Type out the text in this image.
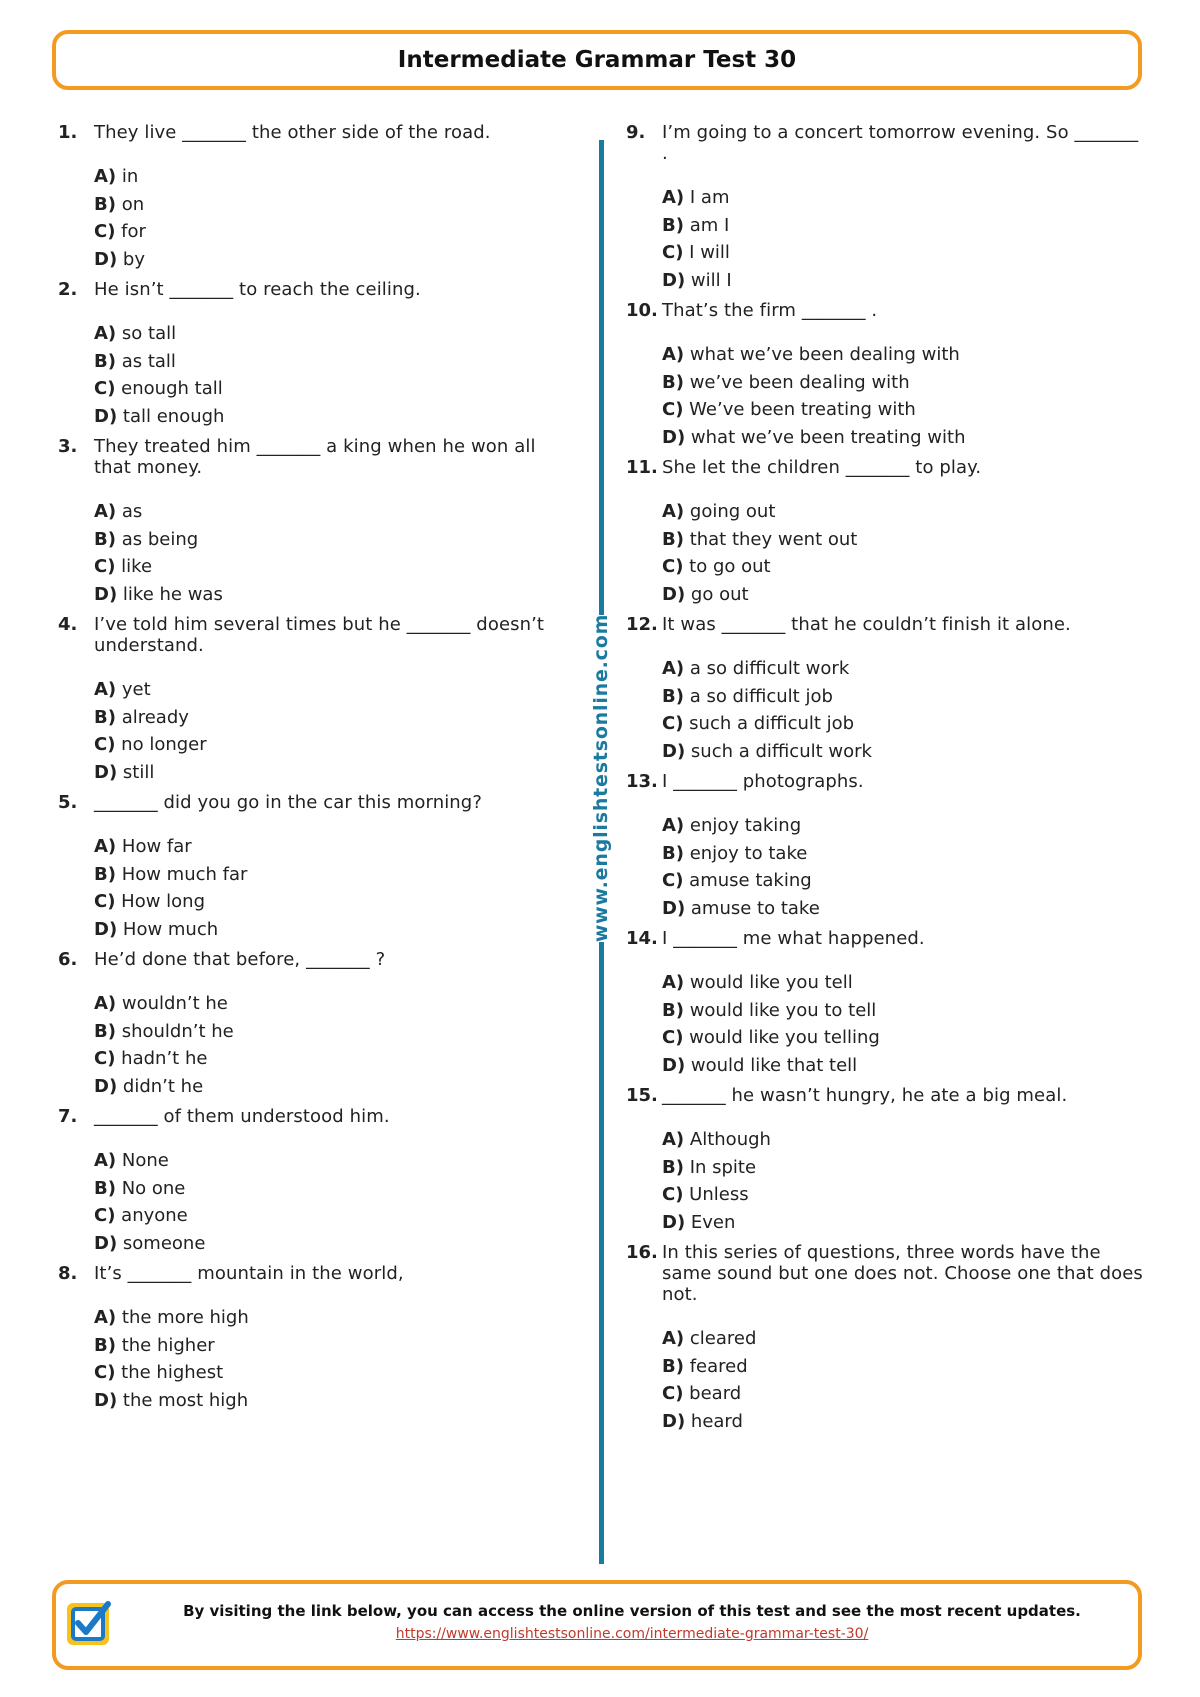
Intermediate Grammar Test 30
1. They live _______ the other side of the road.
A) in
B) on
C) for
D) by
2. He isn’t _______ to reach the ceiling.
A) so tall
B) as tall
C) enough tall
D) tall enough
3. They treated him _______ a king when he won all that money.
A) as
B) as being
C) like
D) like he was
4. I’ve told him several times but he _______ doesn’t understand.
A) yet
B) already
C) no longer
D) still
5. _______ did you go in the car this morning?
A) How far
B) How much far
C) How long
D) How much
6. He’d done that before, _______ ?
A) wouldn’t he
B) shouldn’t he
C) hadn’t he
D) didn’t he
7. _______ of them understood him.
A) None
B) No one
C) anyone
D) someone
8. It’s _______ mountain in the world,
A) the more high
B) the higher
C) the highest
D) the most high
9. I’m going to a concert tomorrow evening. So _______ .
A) I am
B) am I
C) I will
D) will I
10. That’s the firm _______ .
A) what we’ve been dealing with
B) we’ve been dealing with
C) We’ve been treating with
D) what we’ve been treating with
11. She let the children _______ to play.
A) going out
B) that they went out
C) to go out
D) go out
12. It was _______ that he couldn’t finish it alone.
A) a so difficult work
B) a so difficult job
C) such a difficult job
D) such a difficult work
13. I _______ photographs.
A) enjoy taking
B) enjoy to take
C) amuse taking
D) amuse to take
14. I _______ me what happened.
A) would like you tell
B) would like you to tell
C) would like you telling
D) would like that tell
15. _______ he wasn’t hungry, he ate a big meal.
A) Although
B) In spite
C) Unless
D) Even
16. In this series of questions, three words have the same sound but one does not. Choose one that does not.
A) cleared
B) feared
C) beard
D) heard
www.englishtestsonline.com
By visiting the link below, you can access the online version of this test and see the most recent updates.
https://www.englishtestsonline.com/intermediate-grammar-test-30/
